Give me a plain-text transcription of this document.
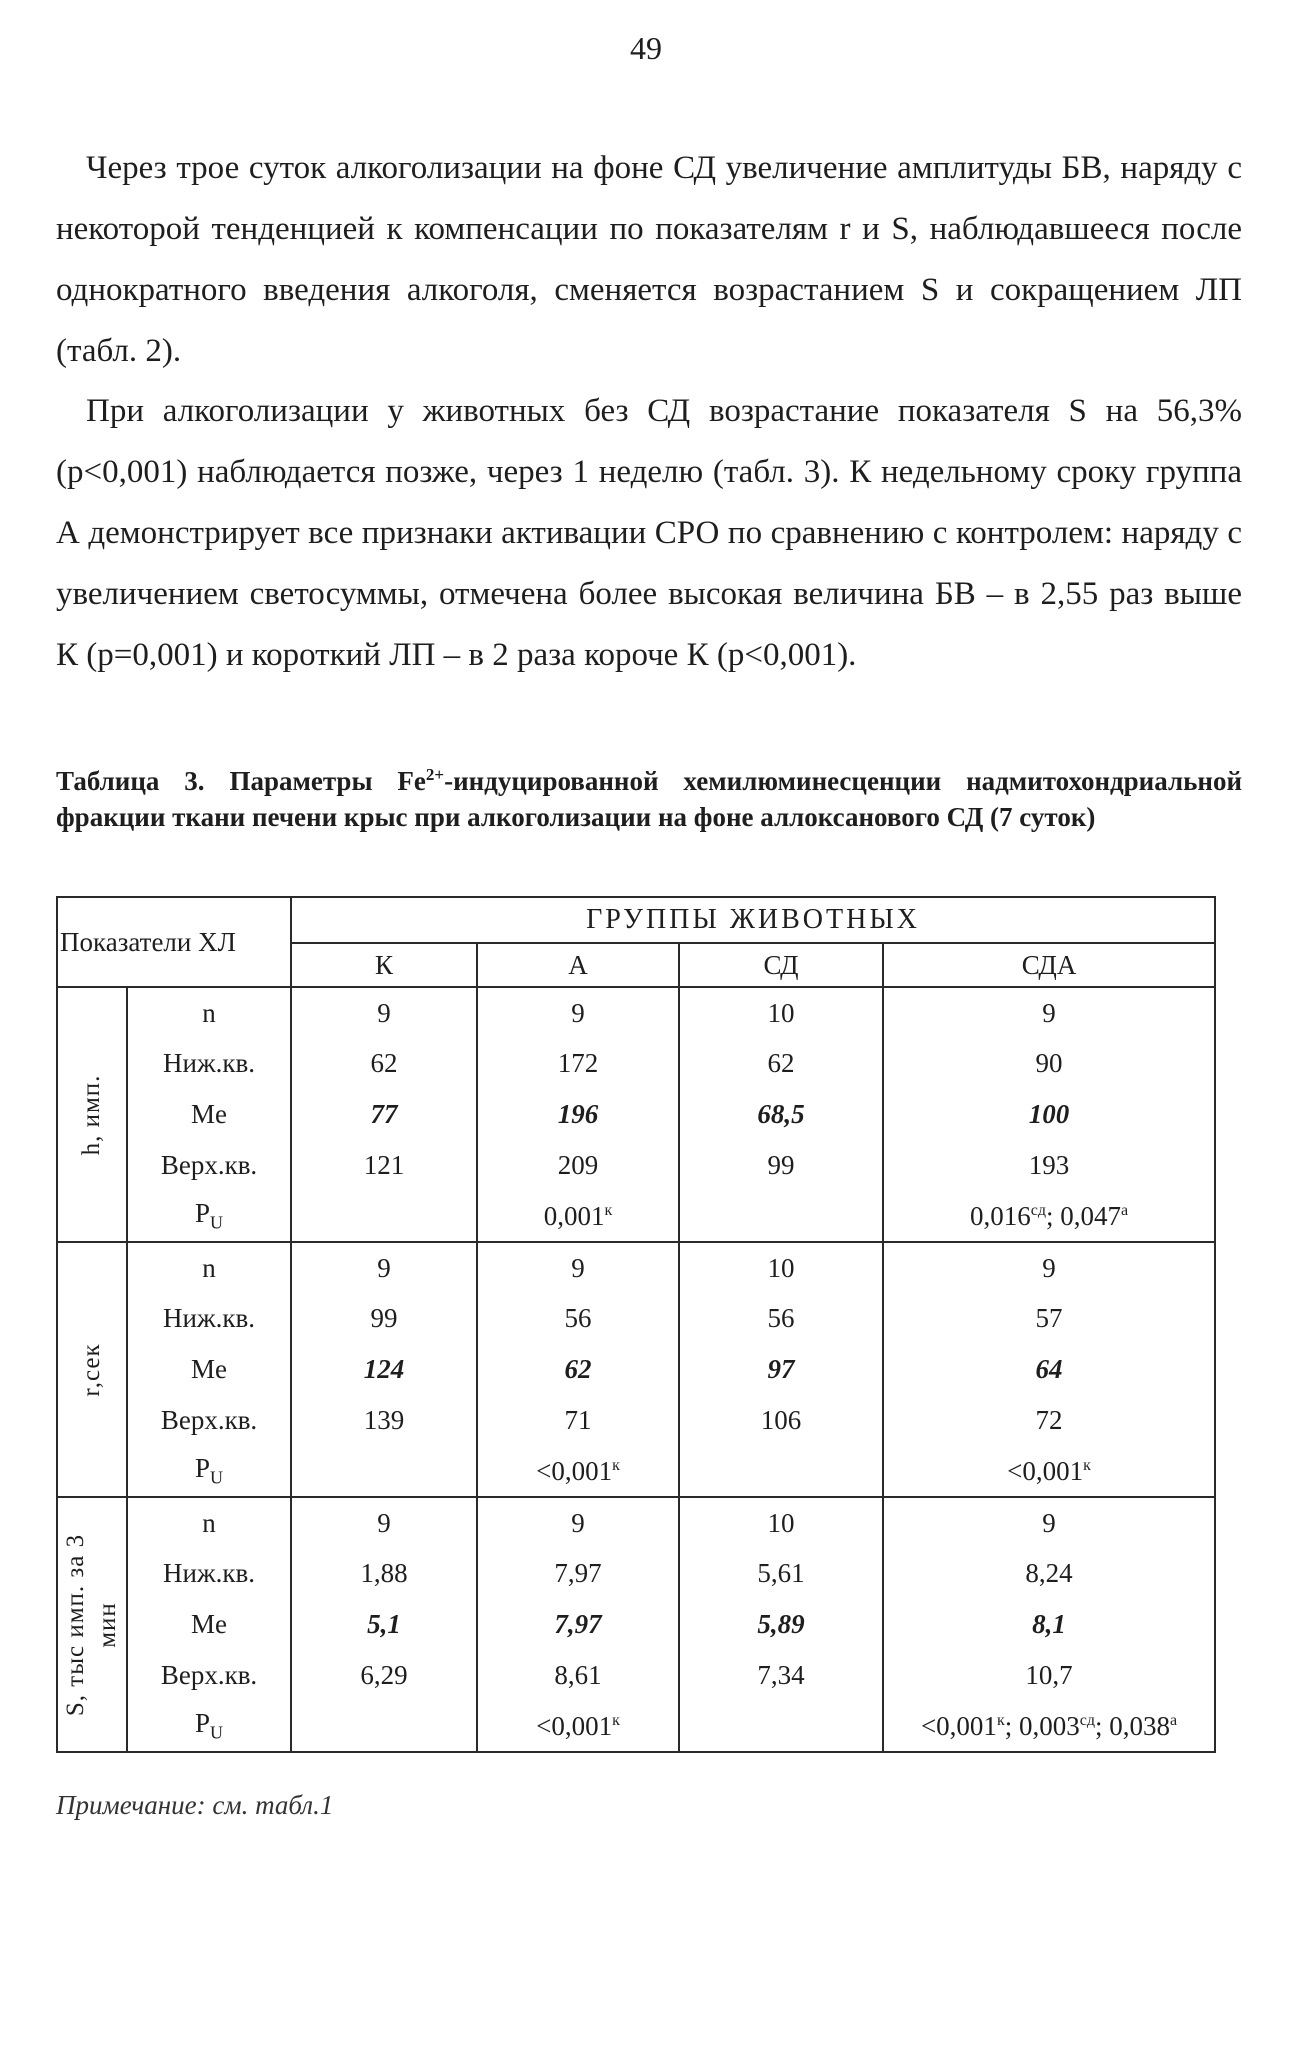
49

Через трое суток алкоголизации на фоне СД увеличение амплитуды БВ, наряду с некоторой тенденцией к компенсации по показателям r и S, наблюдавшееся после однократного введения алкоголя, сменяется возрастанием S и сокращением ЛП (табл. 2).

При алкоголизации у животных без СД возрастание показателя S на 56,3% (p<0,001) наблюдается позже, через 1 неделю (табл. 3). К недельному сроку группа А демонстрирует все признаки активации СРО по сравнению с контролем: наряду с увеличением светосуммы, отмечена более высокая величина БВ – в 2,55 раз выше К (p=0,001) и короткий ЛП – в 2 раза короче К (p<0,001).

Таблица 3. Параметры $Fe^{2+}$-индуцированной хемилюминесценции надмитохондриальной фракции ткани печени крыс при алкоголизации на фоне аллоксанового СД (7 суток)
Показатели ХЛ		ГРУППЫ ЖИВОТНЫХ			
		К	А	СД	СДА

h, имп.	n	9	9	10	9
	Ниж.кв.	62	172	62	90
	Me	77	196	68,5	100
	Верх.кв.	121	209	99	193
	$P_U$		$0,001^к$		$0,016^{сд}$; $0,047^а$

r,сек	n	9	9	10	9
	Ниж.кв.	99	56	56	57
	Me	124	62	97	64
	Верх.кв.	139	71	106	72
	$P_U$		$<0,001^к$		$<0,001^к$

S, тыс имп. за 3 мин	n	9	9	10	9
	Ниж.кв.	1,88	7,97	5,61	8,24
	Me	5,1	7,97	5,89	8,1
	Верх.кв.	6,29	8,61	7,34	10,7
	$P_U$		$<0,001^к$		$<0,001^к$; $0,003^{сд}$; $0,038^а$
Примечание: см. табл.1
